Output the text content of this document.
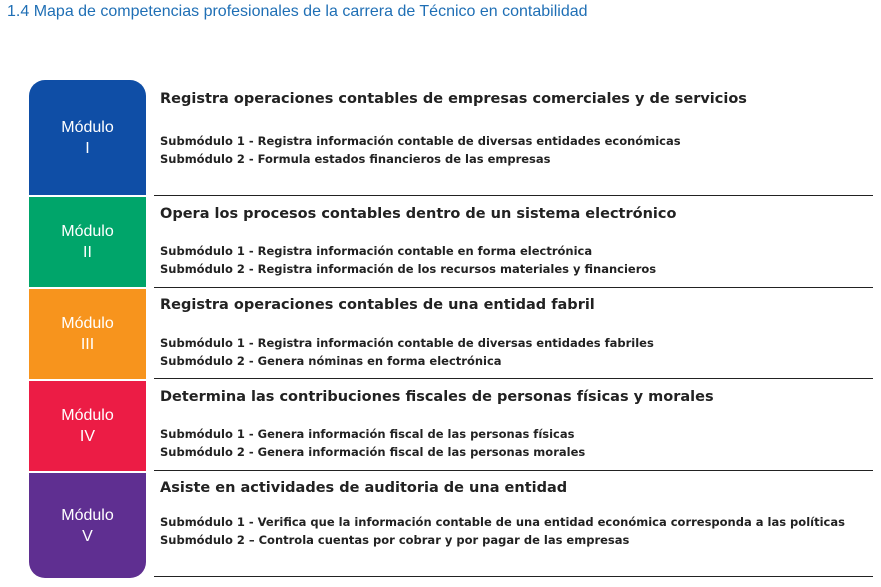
1.4 Mapa de competencias profesionales de la carrera de Técnico en contabilidad
Módulo
I
Módulo
II
Módulo
III
Módulo
IV
Módulo
V
Registra operaciones contables de empresas comerciales y de servicios
Submódulo 1 - Registra información contable de diversas entidades económicas
Submódulo 2 - Formula estados financieros de las empresas
Opera los procesos contables dentro de un sistema electrónico
Submódulo 1 - Registra información contable en forma electrónica
Submódulo 2 - Registra información de los recursos materiales y financieros
Registra operaciones contables de una entidad fabril
Submódulo 1 - Registra información contable de diversas entidades fabriles
Submódulo 2 - Genera nóminas en forma electrónica
Determina las contribuciones fiscales de personas físicas y morales
Submódulo 1 - Genera información fiscal de las personas físicas
Submódulo 2 - Genera información fiscal de las personas morales
Asiste en actividades de auditoria de una entidad
Submódulo 1 - Verifica que la información contable de una entidad económica corresponda a las políticas
Submódulo 2 – Controla cuentas por cobrar y por pagar de las empresas
